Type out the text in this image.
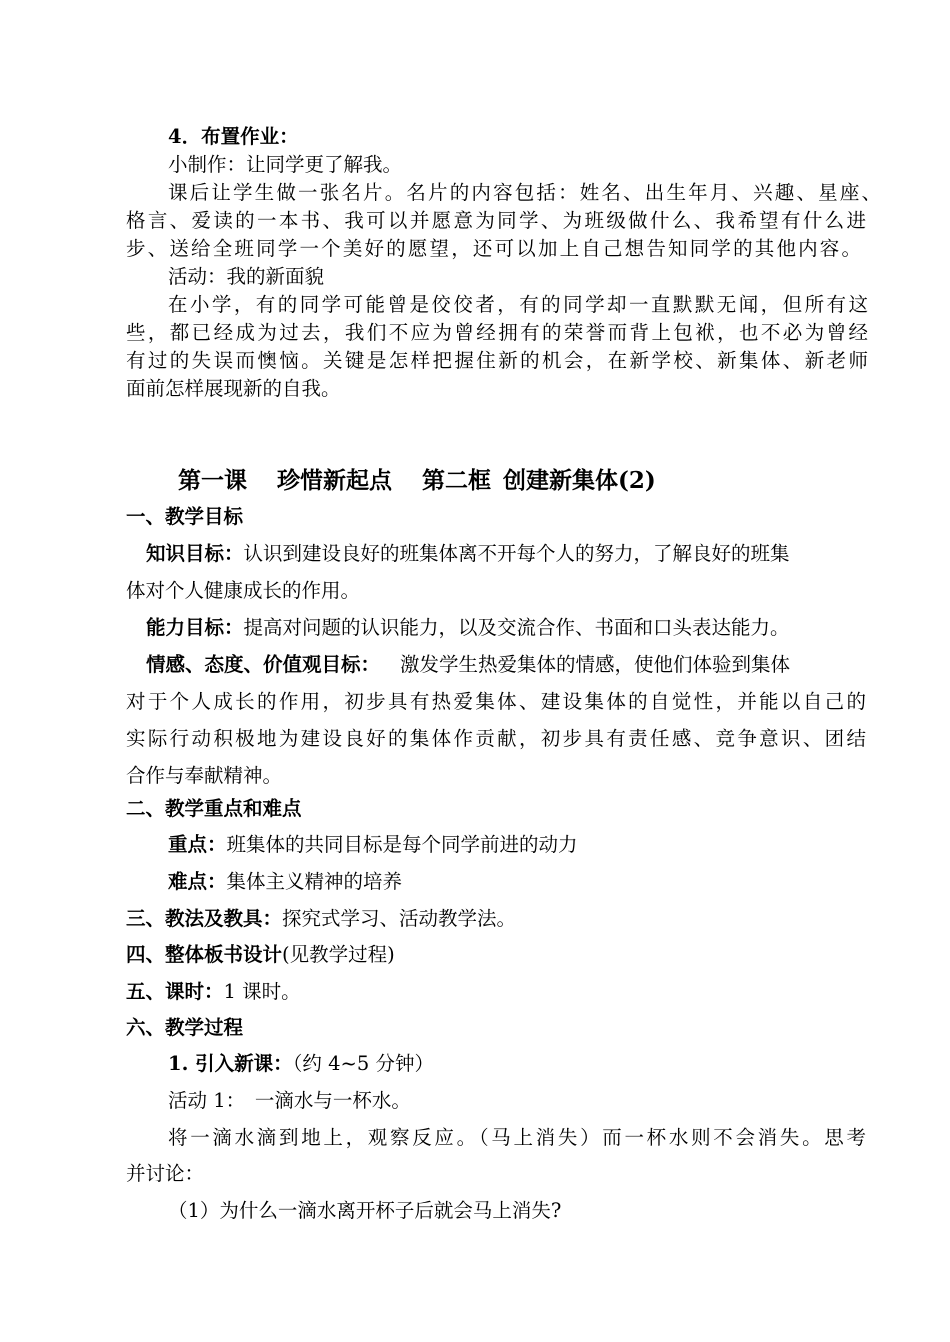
4．布置作业：
小制作：让同学更了解我。
课后让学生做一张名片。名片的内容包括：姓名、出生年月、兴趣、星座、
格言、爱读的一本书、我可以并愿意为同学、为班级做什么、我希望有什么进
步、送给全班同学一个美好的愿望，还可以加上自己想告知同学的其他内容。
活动：我的新面貌
在小学，有的同学可能曾是佼佼者，有的同学却一直默默无闻，但所有这
些，都已经成为过去，我们不应为曾经拥有的荣誉而背上包袱，也不必为曾经
有过的失误而懊恼。关键是怎样把握住新的机会，在新学校、新集体、新老师
面前怎样展现新的自我。
第一课 珍惜新起点 第二框 创建新集体(2)
一、教学目标
知识目标：认识到建设良好的班集体离不开每个人的努力，了解良好的班集
体对个人健康成长的作用。
能力目标：提高对问题的认识能力，以及交流合作、书面和口头表达能力。
情感、态度、价值观目标： 激发学生热爱集体的情感，使他们体验到集体
对于个人成长的作用，初步具有热爱集体、建设集体的自觉性，并能以自己的
实际行动积极地为建设良好的集体作贡献，初步具有责任感、竞争意识、团结
合作与奉献精神。
二、教学重点和难点
重点：班集体的共同目标是每个同学前进的动力
难点：集体主义精神的培养
三、教法及教具：探究式学习、活动教学法。
四、整体板书设计(见教学过程)
五、课时：1 课时。
六、教学过程
1. 引入新课：（约 4~5 分钟）
活动 1：　一滴水与一杯水。
将一滴水滴到地上，观察反应。（马上消失）而一杯水则不会消失。思考
并讨论：
（1）为什么一滴水离开杯子后就会马上消失?
